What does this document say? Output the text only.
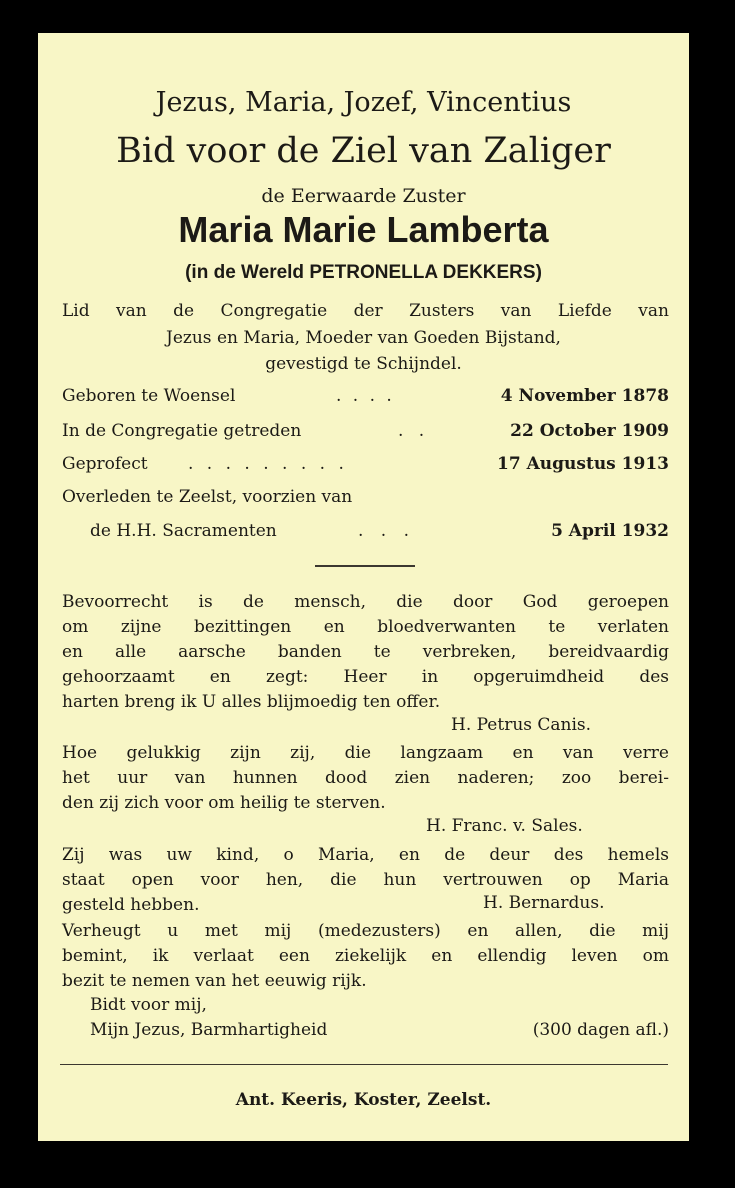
Jezus, Maria, Jozef, Vincentius
Bid voor de Ziel van Zaliger
de Eerwaarde Zuster
Maria Marie Lamberta
(in de Wereld PETRONELLA DEKKERS)
Lid van de Congregatie der Zusters van Liefde van
Jezus en Maria, Moeder van Goeden Bijstand,
gevestigd te Schijndel.
Geboren te Woensel	. . . .	4 November 1878
In de Congregatie getreden	. .	22 October 1909
Geprofect . . . . . . . . .	17 Augustus 1913
Overleden te Zeelst, voorzien van
de H.H. Sacramenten	. . .	5 April 1932
Bevoorrecht is de mensch, die door God geroepen
om zijne bezittingen en bloedverwanten te verlaten
en alle aarsche banden te verbreken, bereidvaardig
gehoorzaamt en zegt: Heer in opgeruimdheid des
harten breng ik U alles blijmoedig ten offer.
H. Petrus Canis.
Hoe gelukkig zijn zij, die langzaam en van verre
het uur van hunnen dood zien naderen; zoo berei-
den zij zich voor om heilig te sterven.
H. Franc. v. Sales.
Zij was uw kind, o Maria, en de deur des hemels
staat open voor hen, die hun vertrouwen op Maria
gesteld hebben.	H. Bernardus.
Verheugt u met mij (medezusters) en allen, die mij
bemint, ik verlaat een ziekelijk en ellendig leven om
bezit te nemen van het eeuwig rijk.
Bidt voor mij,
Mijn Jezus, Barmhartigheid	(300 dagen afl.)
Ant. Keeris, Koster, Zeelst.
